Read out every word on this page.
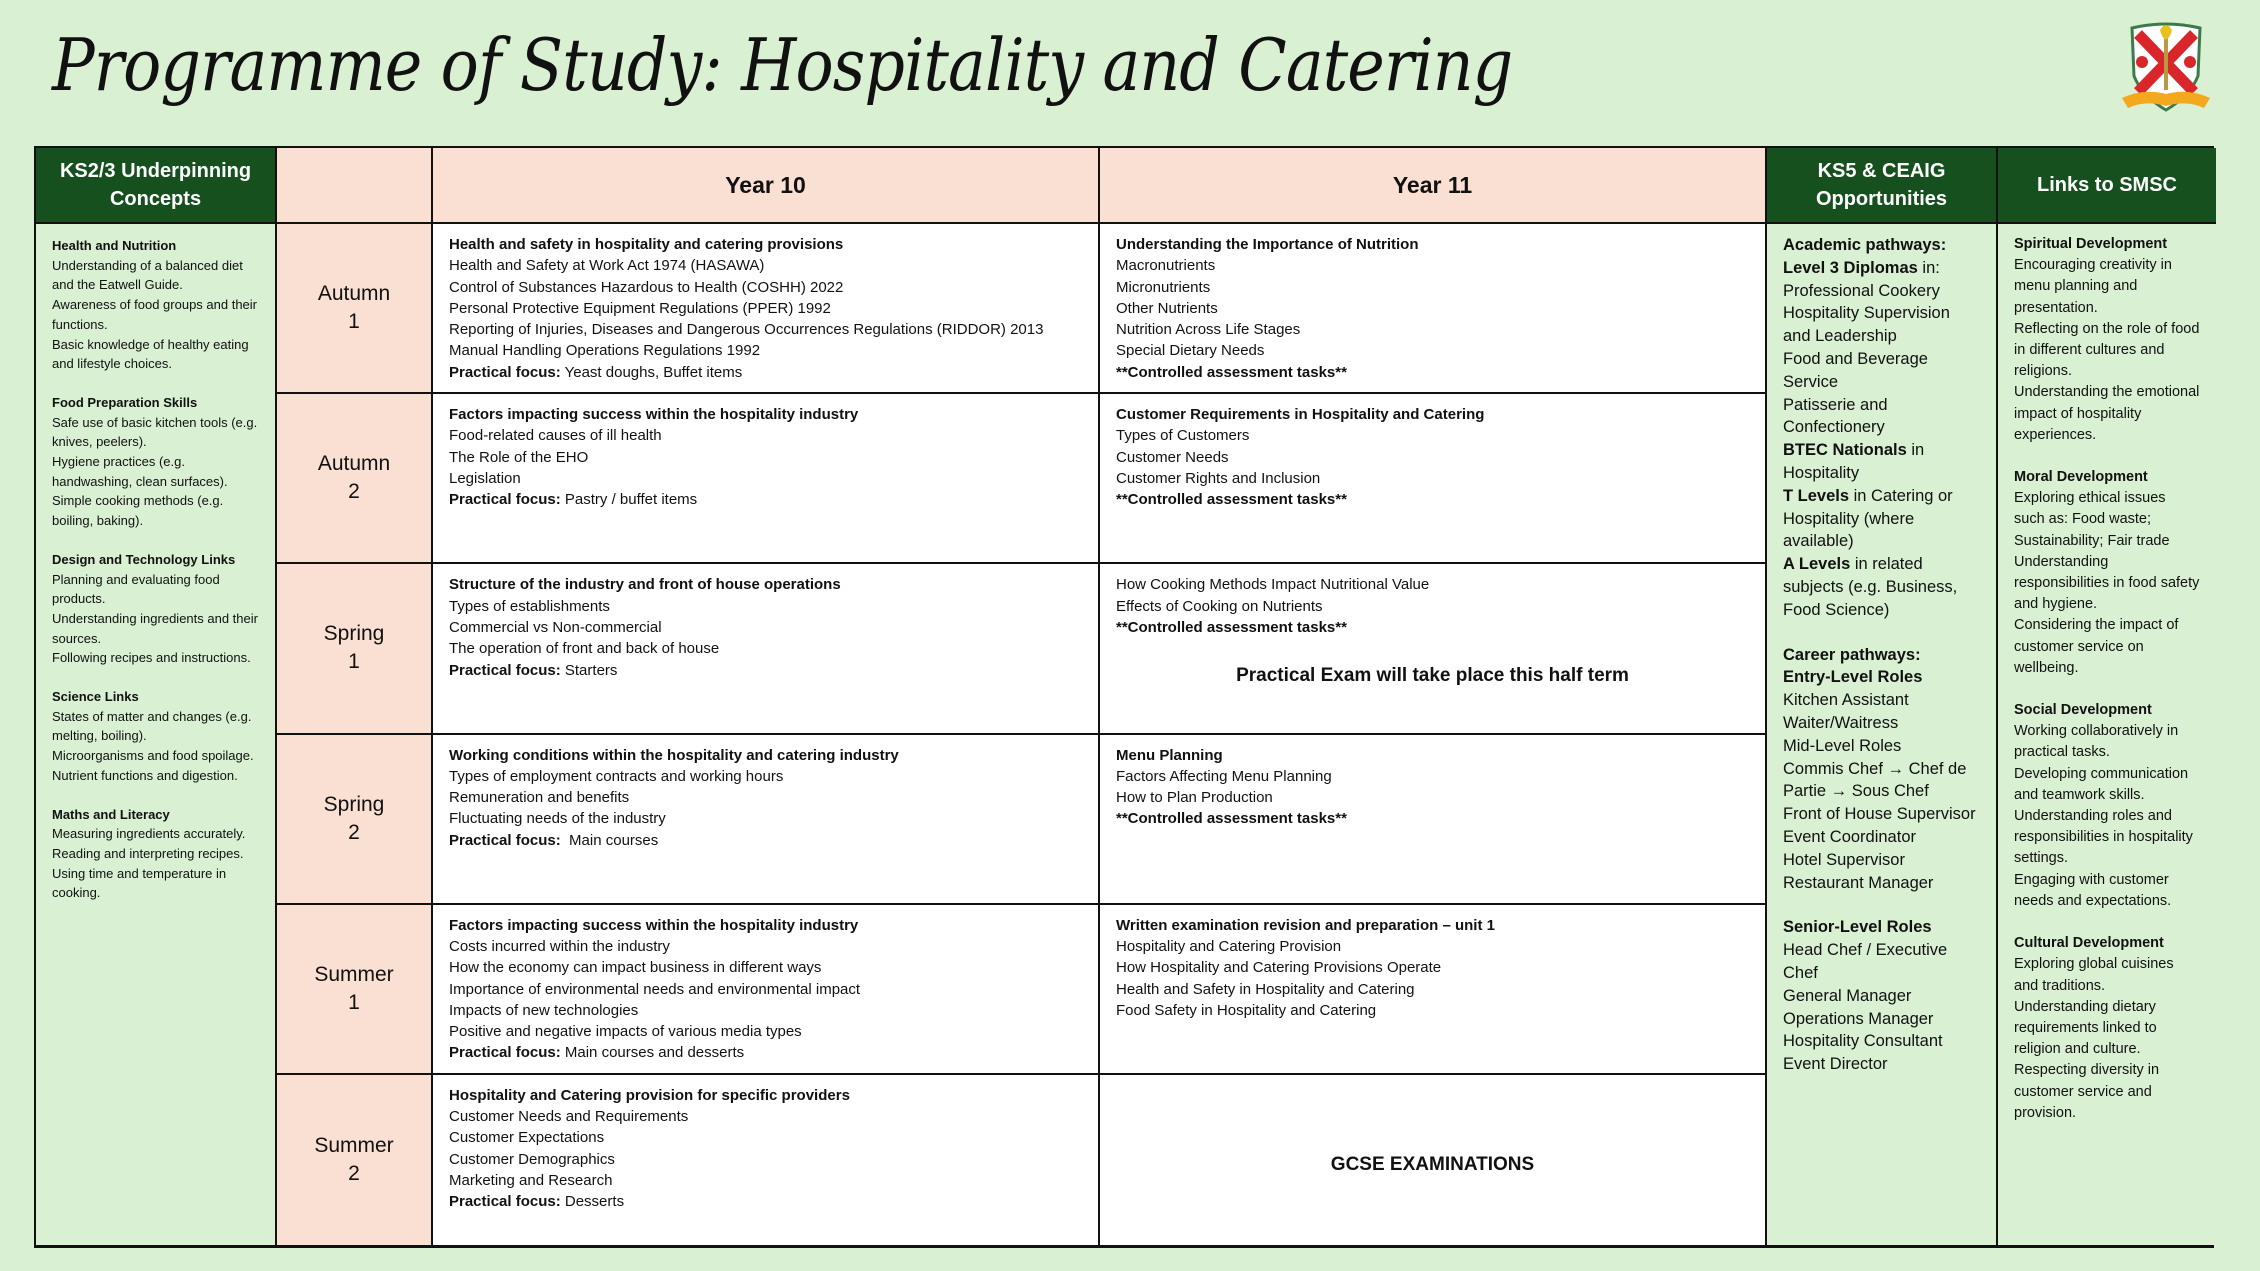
Programme of Study: Hospitality and Catering
KS2/3 Underpinning Concepts
Year 10	Year 11
KS5 & CEAIG Opportunities
Links to SMSC
Health and Nutrition
Understanding of a balanced diet and the Eatwell Guide.
Awareness of food groups and their functions.
Basic knowledge of healthy eating and lifestyle choices.
Food Preparation Skills
Safe use of basic kitchen tools (e.g. knives, peelers).
Hygiene practices (e.g. handwashing, clean surfaces).
Simple cooking methods (e.g. boiling, baking).
Design and Technology Links
Planning and evaluating food products.
Understanding ingredients and their sources.
Following recipes and instructions.
Science Links
States of matter and changes (e.g. melting, boiling).
Microorganisms and food spoilage.
Nutrient functions and digestion.
Maths and Literacy
Measuring ingredients accurately.
Reading and interpreting recipes.
Using time and temperature in cooking.
Academic pathways:
Level 3 Diplomas in:
Professional Cookery
Hospitality Supervision and Leadership
Food and Beverage Service
Patisserie and Confectionery
BTEC Nationals in Hospitality
T Levels in Catering or Hospitality (where available)
A Levels in related subjects (e.g. Business, Food Science)
Career pathways:
Entry-Level Roles
Kitchen Assistant
Waiter/Waitress
Mid-Level Roles
Commis Chef → Chef de Partie → Sous Chef
Front of House Supervisor
Event Coordinator
Hotel Supervisor
Restaurant Manager
Senior-Level Roles
Head Chef / Executive Chef
General Manager
Operations Manager
Hospitality Consultant
Event Director
Spiritual Development
Encouraging creativity in menu planning and presentation.
Reflecting on the role of food in different cultures and religions.
Understanding the emotional impact of hospitality experiences.
Moral Development
Exploring ethical issues such as: Food waste; Sustainability; Fair trade
Understanding responsibilities in food safety and hygiene.
Considering the impact of customer service on wellbeing.
Social Development
Working collaboratively in practical tasks.
Developing communication and teamwork skills.
Understanding roles and responsibilities in hospitality settings.
Engaging with customer needs and expectations.
Cultural Development
Exploring global cuisines and traditions.
Understanding dietary requirements linked to religion and culture.
Respecting diversity in customer service and provision.
Autumn
1
Health and safety in hospitality and catering provisions
Health and Safety at Work Act 1974 (HASAWA)
Control of Substances Hazardous to Health (COSHH) 2022
Personal Protective Equipment Regulations (PPER) 1992
Reporting of Injuries, Diseases and Dangerous Occurrences Regulations (RIDDOR) 2013
Manual Handling Operations Regulations 1992
Practical focus: Yeast doughs, Buffet items
Understanding the Importance of Nutrition
Macronutrients
Micronutrients
Other Nutrients
Nutrition Across Life Stages
Special Dietary Needs
**Controlled assessment tasks**
Autumn
2
Factors impacting success within the hospitality industry
Food-related causes of ill health
The Role of the EHO
Legislation
Practical focus: Pastry / buffet items
Customer Requirements in Hospitality and Catering
Types of Customers
Customer Needs
Customer Rights and Inclusion
**Controlled assessment tasks**
Spring
1
Structure of the industry and front of house operations
Types of establishments
Commercial vs Non-commercial
The operation of front and back of house
Practical focus: Starters
How Cooking Methods Impact Nutritional Value
Effects of Cooking on Nutrients
**Controlled assessment tasks**
Practical Exam will take place this half term
Spring
2
Working conditions within the hospitality and catering industry
Types of employment contracts and working hours
Remuneration and benefits
Fluctuating needs of the industry
Practical focus:  Main courses
Menu Planning
Factors Affecting Menu Planning
How to Plan Production
**Controlled assessment tasks**
Summer
1
Factors impacting success within the hospitality industry
Costs incurred within the industry
How the economy can impact business in different ways
Importance of environmental needs and environmental impact
Impacts of new technologies
Positive and negative impacts of various media types
Practical focus: Main courses and desserts
Written examination revision and preparation – unit 1
Hospitality and Catering Provision
How Hospitality and Catering Provisions Operate
Health and Safety in Hospitality and Catering
Food Safety in Hospitality and Catering
Summer
2
Hospitality and Catering provision for specific providers
Customer Needs and Requirements
Customer Expectations
Customer Demographics
Marketing and Research
Practical focus: Desserts
GCSE EXAMINATIONS
